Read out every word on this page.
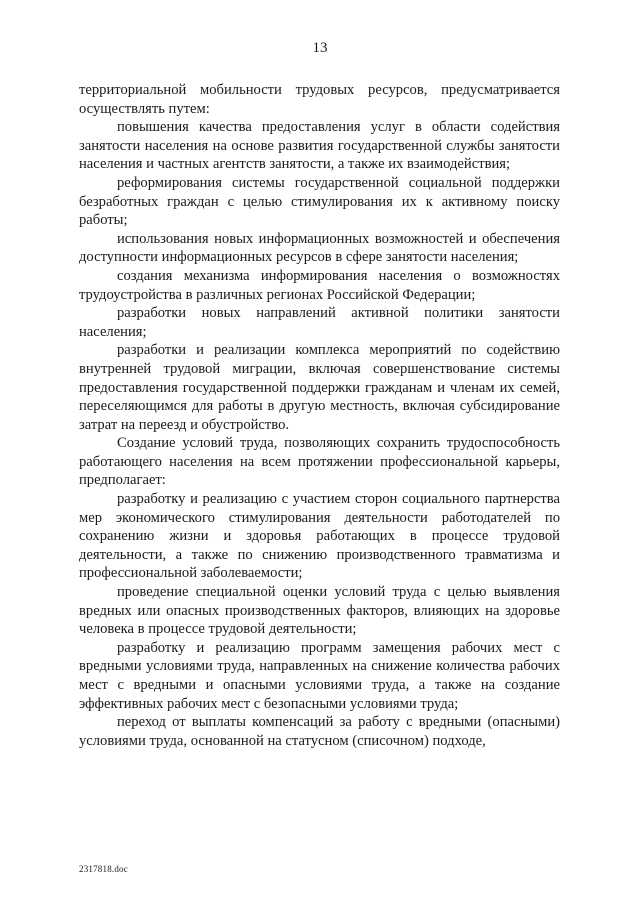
13

территориальной мобильности трудовых ресурсов, предусматривается осуществлять путем:

повышения качества предоставления услуг в области содействия занятости населения на основе развития государственной службы занятости населения и частных агентств занятости, а также их взаимодействия;

реформирования системы государственной социальной поддержки безработных граждан с целью стимулирования их к активному поиску работы;

использования новых информационных возможностей и обеспечения доступности информационных ресурсов в сфере занятости населения;

создания механизма информирования населения о возможностях трудоустройства в различных регионах Российской Федерации;

разработки новых направлений активной политики занятости населения;

разработки и реализации комплекса мероприятий по содействию внутренней трудовой миграции, включая совершенствование системы предоставления государственной поддержки гражданам и членам их семей, переселяющимся для работы в другую местность, включая субсидирование затрат на переезд и обустройство.

Создание условий труда, позволяющих сохранить трудоспособность работающего населения на всем протяжении профессиональной карьеры, предполагает:

разработку и реализацию с участием сторон социального партнерства мер экономического стимулирования деятельности работодателей по сохранению жизни и здоровья работающих в процессе трудовой деятельности, а также по снижению производственного травматизма и профессиональной заболеваемости;

проведение специальной оценки условий труда с целью выявления вредных или опасных производственных факторов, влияющих на здоровье человека в процессе трудовой деятельности;

разработку и реализацию программ замещения рабочих мест с вредными условиями труда, направленных на снижение количества рабочих мест с вредными и опасными условиями труда, а также на создание эффективных рабочих мест с безопасными условиями труда;

переход от выплаты компенсаций за работу с вредными (опасными) условиями труда, основанной на статусном (списочном) подходе,

2317818.doc
